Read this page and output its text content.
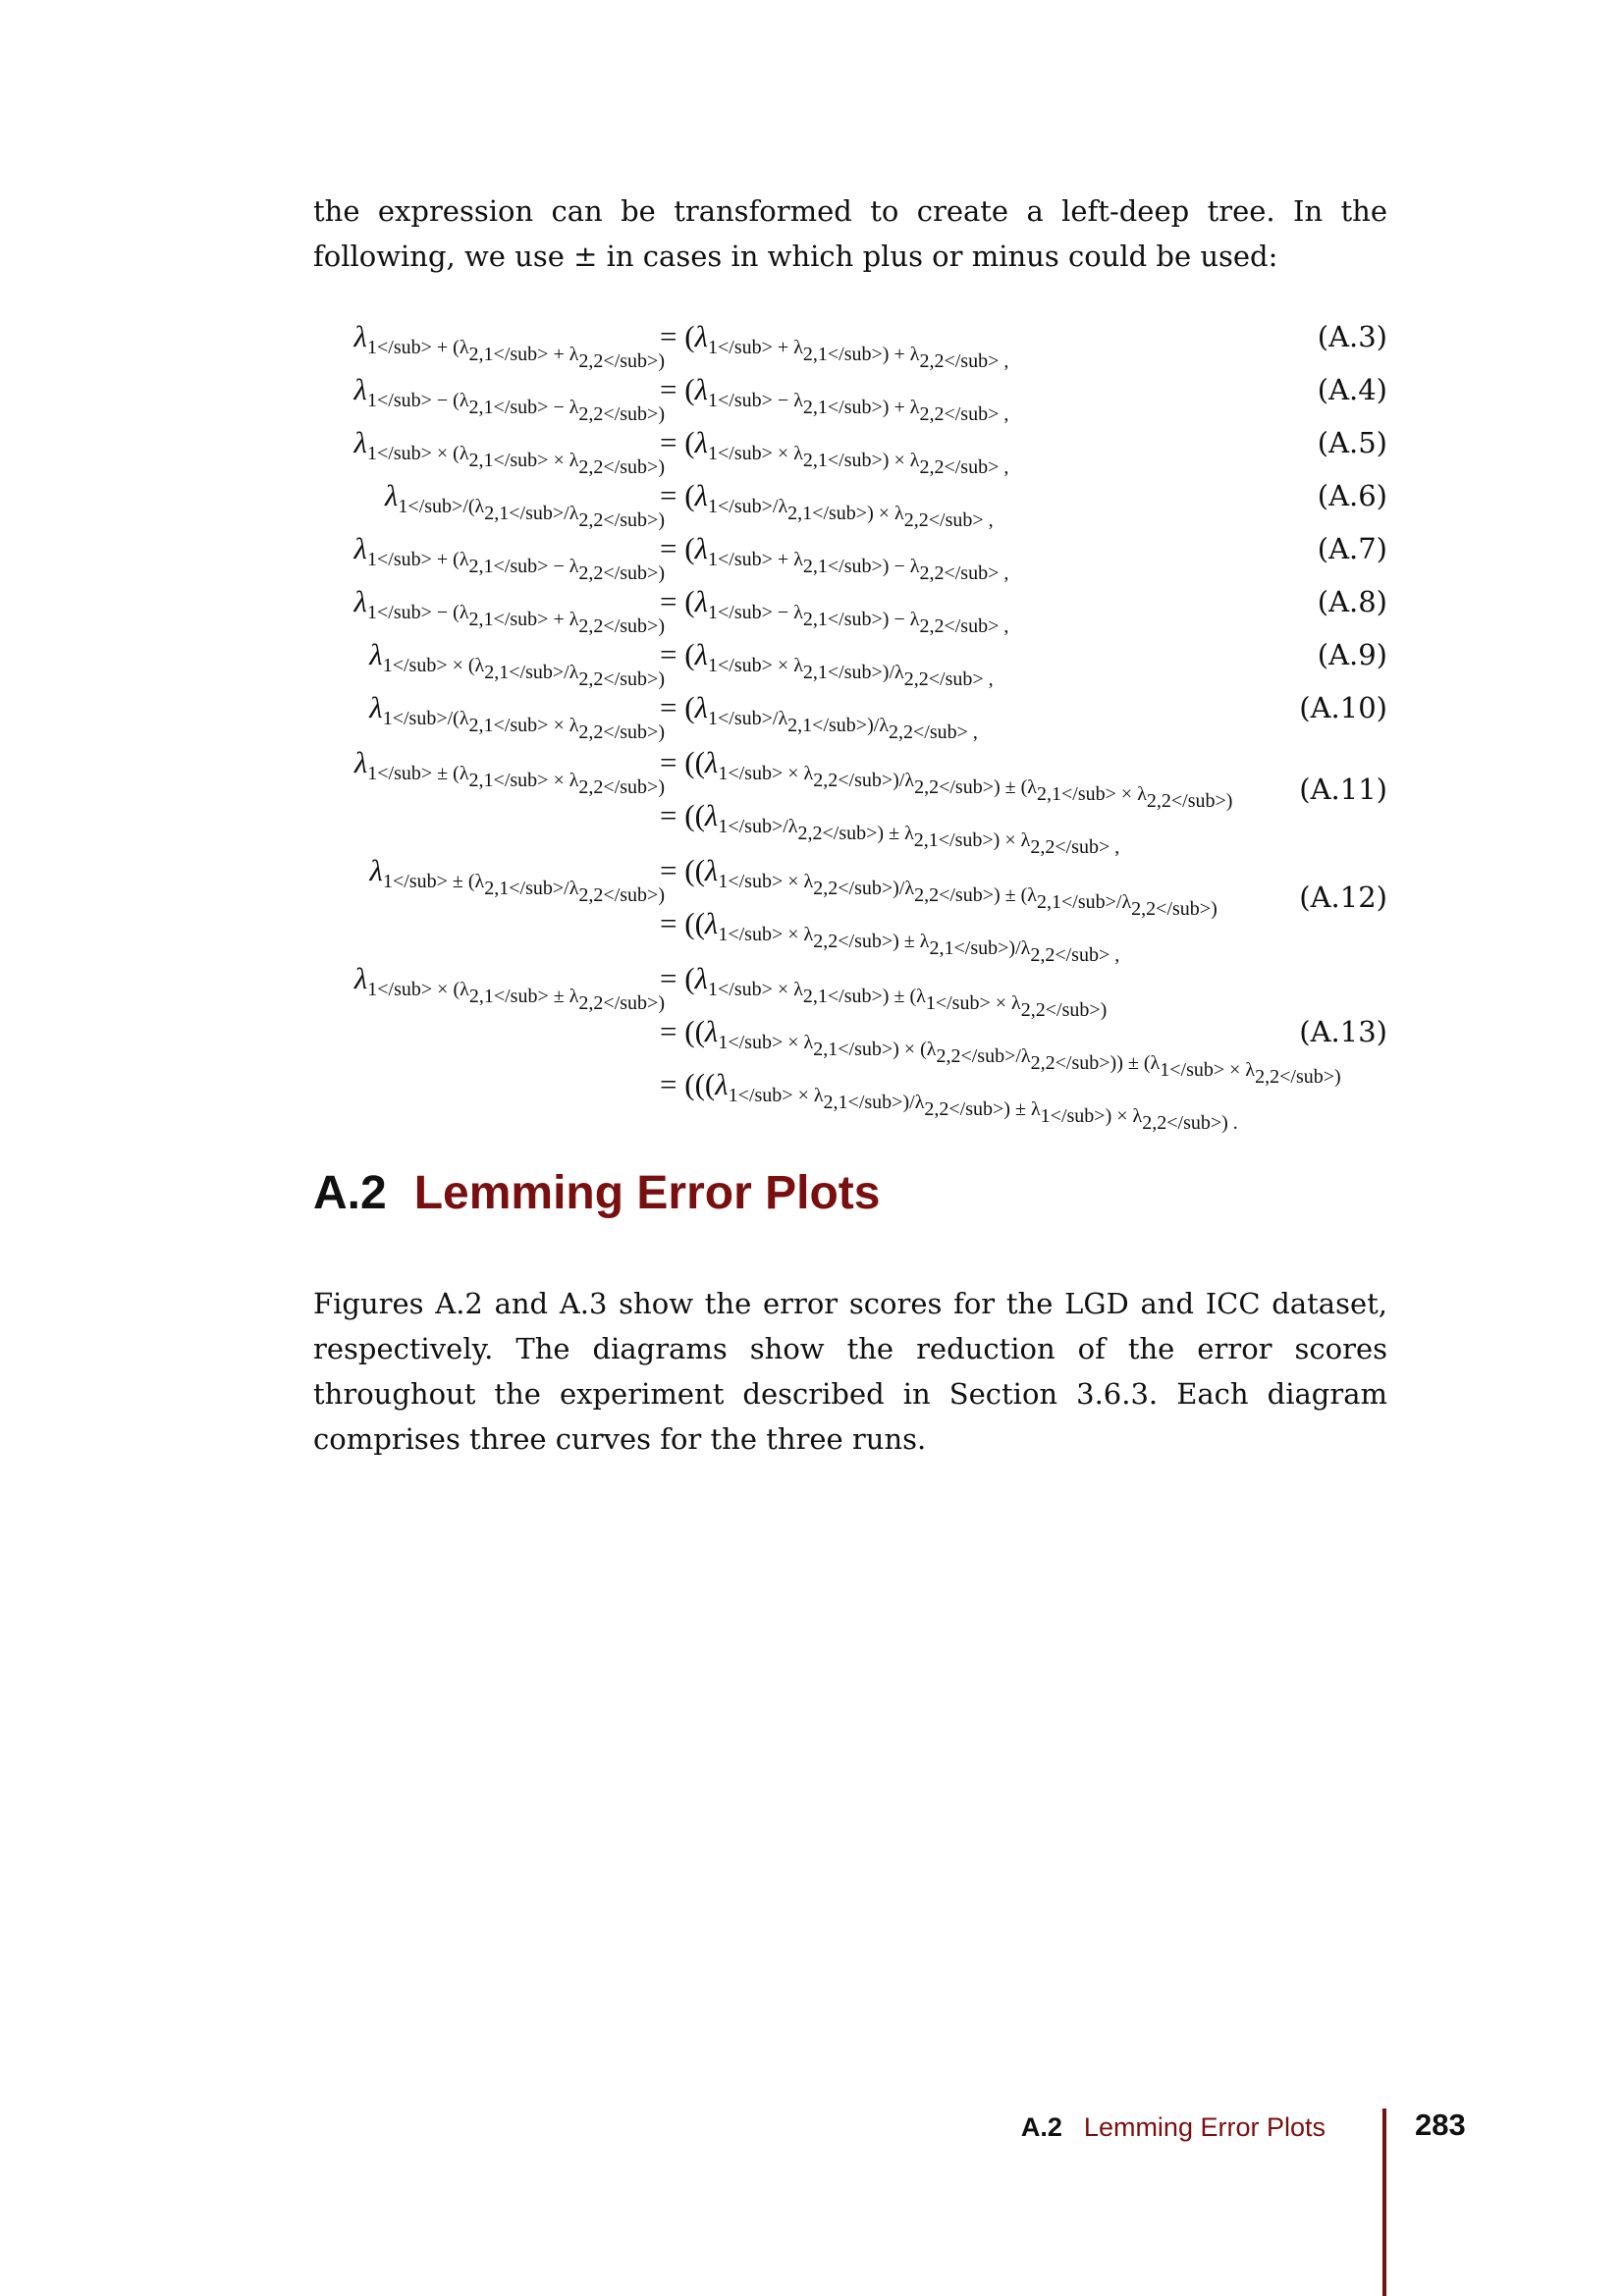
the expression can be transformed to create a left-deep tree. In the following, we use ± in cases in which plus or minus could be used:

$\lambda_{1</sub> + (\lambda_{2,1</sub> + \lambda_{2,2</sub>)}}}$
= ($\lambda_{1</sub> + \lambda_{2,1</sub>) + \lambda_{2,2</sub> ,}}}$
(A.3)
$\lambda_{1</sub> - (\lambda_{2,1</sub> - \lambda_{2,2</sub>)}}}$
= ($\lambda_{1</sub> - \lambda_{2,1</sub>) + \lambda_{2,2</sub> ,}}}$
(A.4)
$\lambda_{1</sub> \times (\lambda_{2,1</sub> \times \lambda_{2,2</sub>)}}}$
= ($\lambda_{1</sub> \times \lambda_{2,1</sub>) \times \lambda_{2,2</sub> ,}}}$
(A.5)
$\lambda_{1</sub>/(\lambda_{2,1</sub>/\lambda_{2,2</sub>)}}}$
= ($\lambda_{1</sub>/\lambda_{2,1</sub>) \times \lambda_{2,2</sub> ,}}}$
(A.6)
$\lambda_{1</sub> + (\lambda_{2,1</sub> - \lambda_{2,2</sub>)}}}$
= ($\lambda_{1</sub> + \lambda_{2,1</sub>) - \lambda_{2,2</sub> ,}}}$
(A.7)
$\lambda_{1</sub> - (\lambda_{2,1</sub> + \lambda_{2,2</sub>)}}}$
= ($\lambda_{1</sub> - \lambda_{2,1</sub>) - \lambda_{2,2</sub> ,}}}$
(A.8)
$\lambda_{1</sub> \times (\lambda_{2,1</sub>/\lambda_{2,2</sub>)}}}$
= ($\lambda_{1</sub> \times \lambda_{2,1</sub>)/\lambda_{2,2</sub> ,}}}$
(A.9)
$\lambda_{1</sub>/(\lambda_{2,1</sub> \times \lambda_{2,2</sub>)}}}$
= ($\lambda_{1</sub>/\lambda_{2,1</sub>)/\lambda_{2,2</sub> ,}}}$
(A.10)
$\lambda_{1</sub> \pm (\lambda_{2,1</sub> \times \lambda_{2,2</sub>)}}}$
= (($\lambda_{1</sub> \times \lambda_{2,2</sub>)/\lambda_{2,2</sub>) \pm (\lambda_{2,1</sub> \times \lambda_{2,2</sub>)}}}}}$
= (($\lambda_{1</sub>/\lambda_{2,2</sub>) \pm \lambda_{2,1</sub>) \times \lambda_{2,2</sub> ,}}}}$
(A.11)
$\lambda_{1</sub> \pm (\lambda_{2,1</sub>/\lambda_{2,2</sub>)}}}$
= (($\lambda_{1</sub> \times \lambda_{2,2</sub>)/\lambda_{2,2</sub>) \pm (\lambda_{2,1</sub>/\lambda_{2,2</sub>)}}}}}$
= (($\lambda_{1</sub> \times \lambda_{2,2</sub>) \pm \lambda_{2,1</sub>)/\lambda_{2,2</sub> ,}}}}$
(A.12)
$\lambda_{1</sub> \times (\lambda_{2,1</sub> \pm \lambda_{2,2</sub>)}}}$
= ($\lambda_{1</sub> \times \lambda_{2,1</sub>) \pm (\lambda_{1</sub> \times \lambda_{2,2</sub>)}}}}$
= (($\lambda_{1</sub> \times \lambda_{2,1</sub>) \times (\lambda_{2,2</sub>/\lambda_{2,2</sub>)) \pm (\lambda_{1</sub> \times \lambda_{2,2</sub>)}}}}}}$
= ((($\lambda_{1</sub> \times \lambda_{2,1</sub>)/\lambda_{2,2</sub>) \pm \lambda_{1</sub>) \times \lambda_{2,2</sub>) .}}}}}$
(A.13)
A.2 Lemming Error Plots

Figures A.2 and A.3 show the error scores for the LGD and ICC dataset, respectively. The diagrams show the reduction of the error scores throughout the experiment described in Section 3.6.3. Each diagram comprises three curves for the three runs.

A.2 Lemming Error Plots	283
